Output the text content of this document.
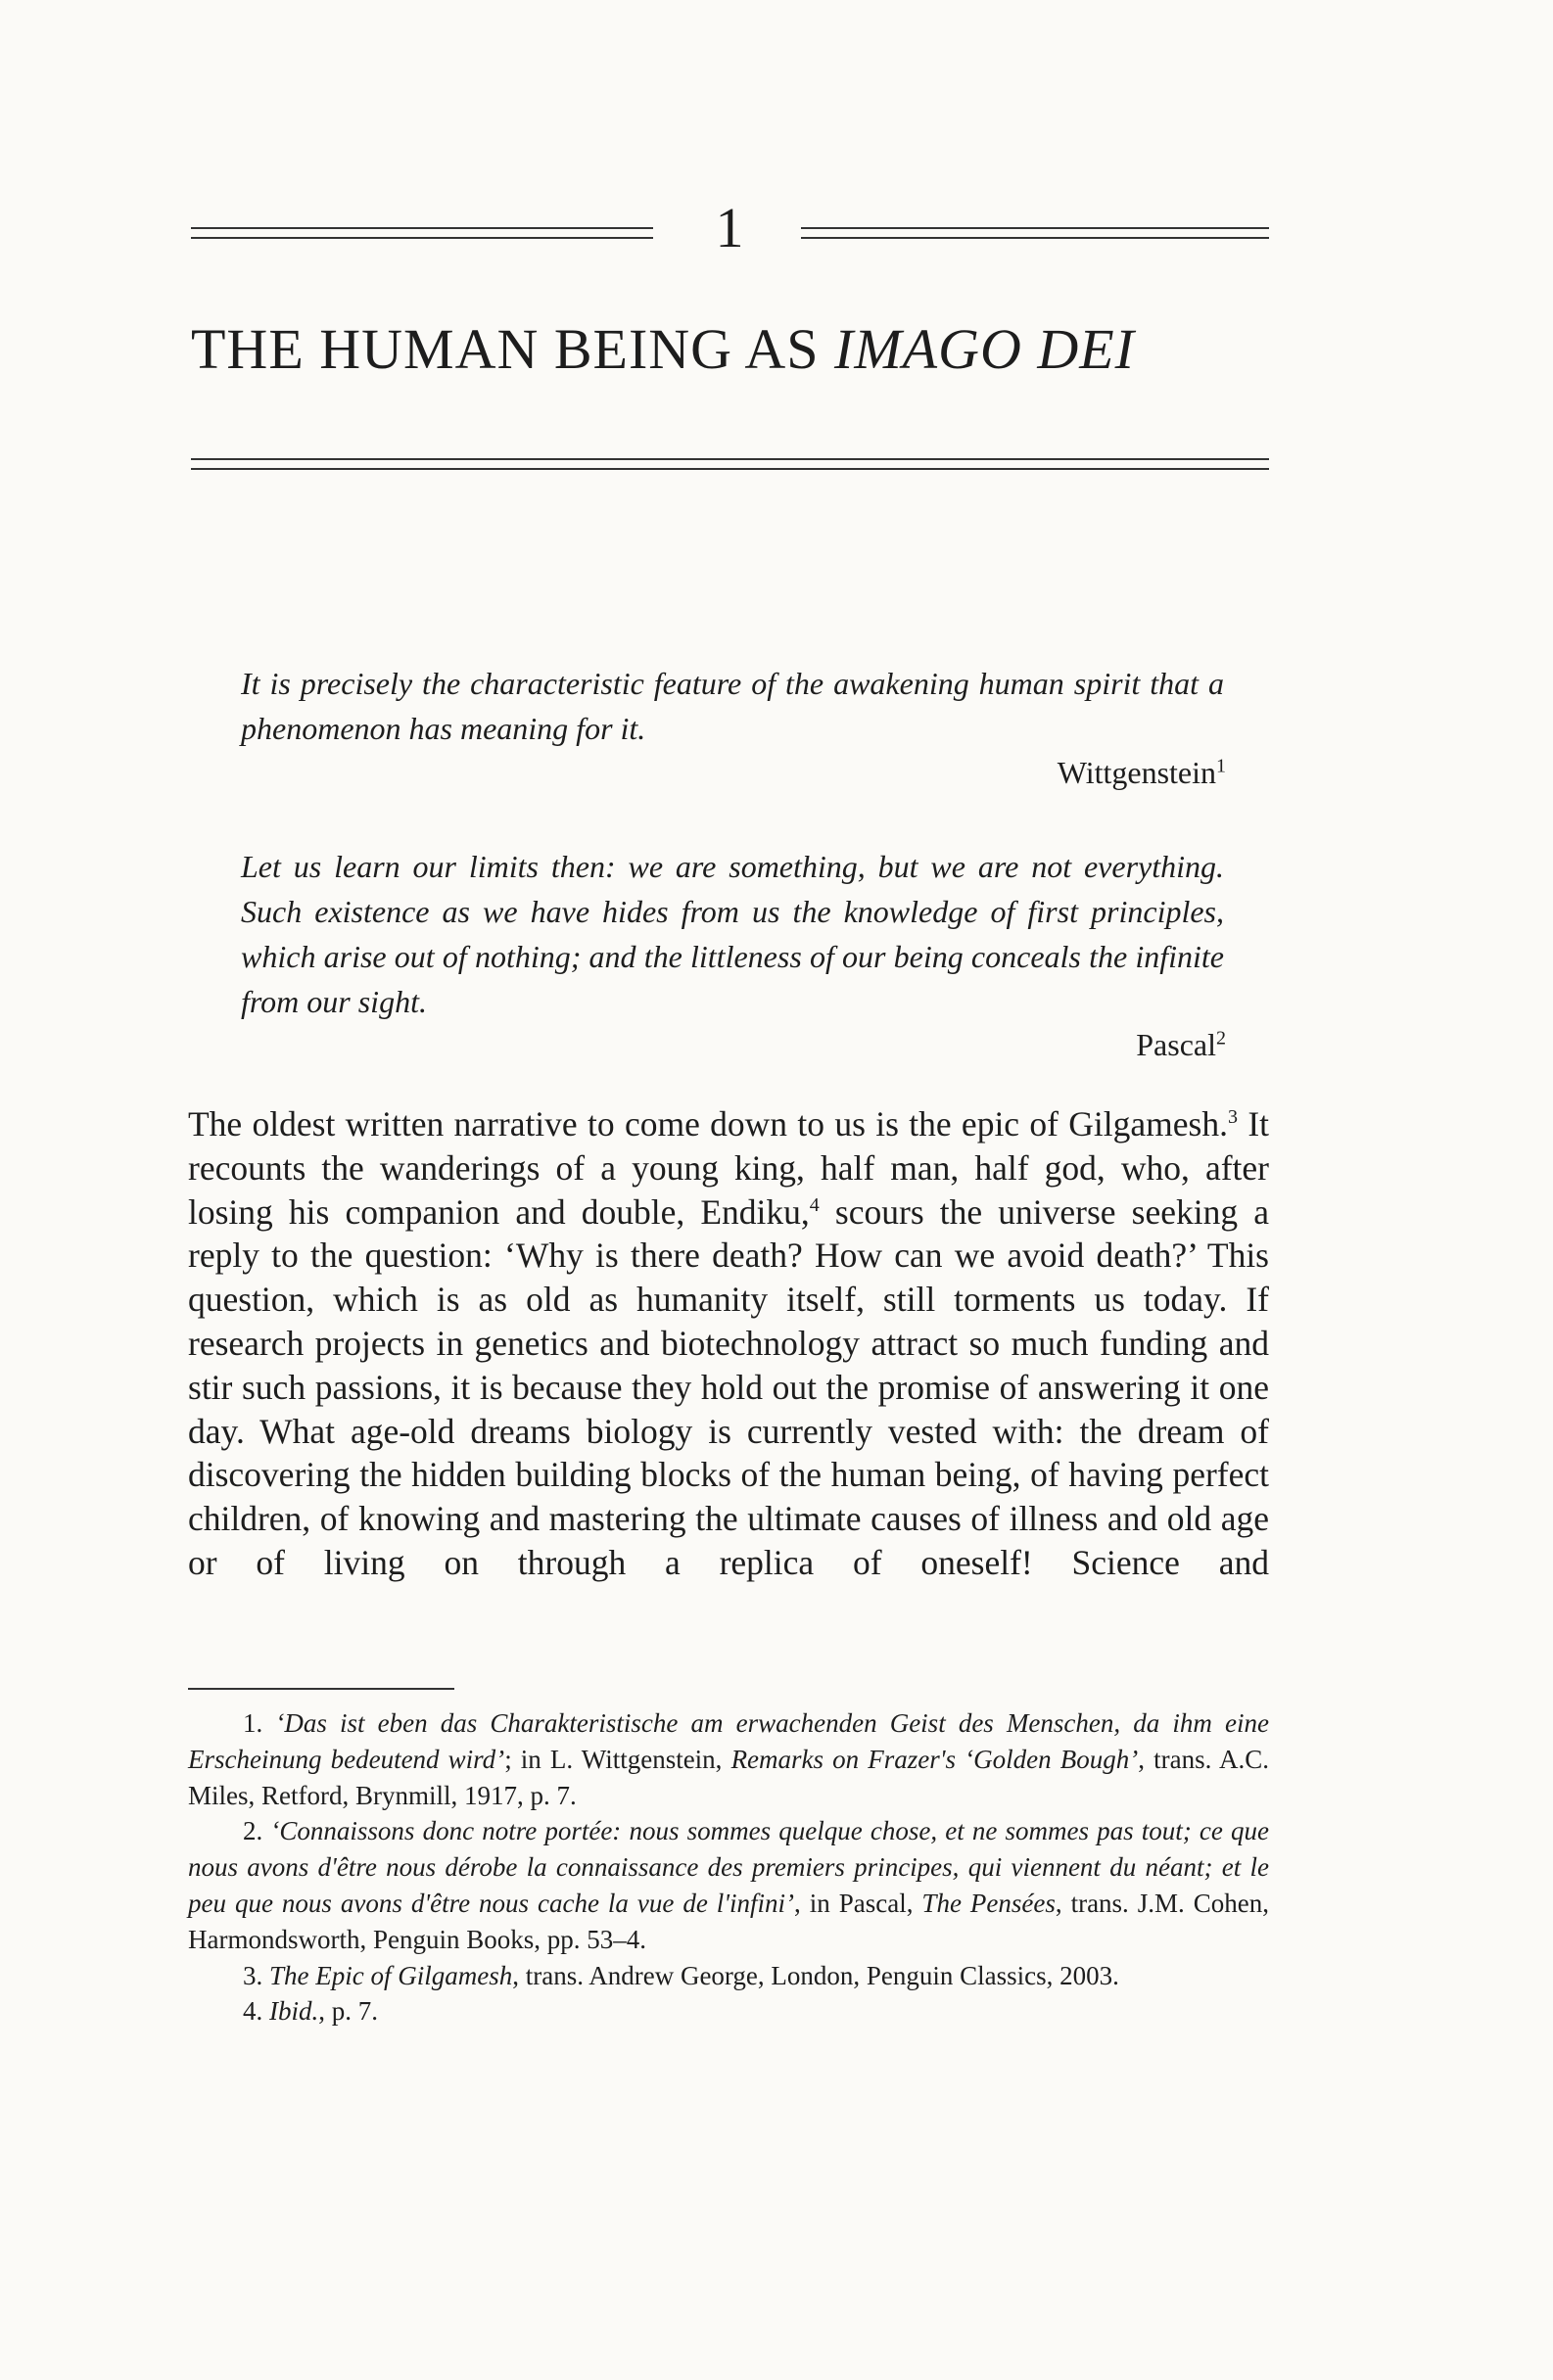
1
THE HUMAN BEING AS IMAGO DEI
It is precisely the characteristic feature of the awakening human spirit that a phenomenon has meaning for it.
Wittgenstein$^1$
Let us learn our limits then: we are something, but we are not everything. Such existence as we have hides from us the knowledge of first principles, which arise out of nothing; and the littleness of our being conceals the infinite from our sight.
Pascal$^2$

The oldest written narrative to come down to us is the epic of Gilgamesh.$^3$ It recounts the wanderings of a young king, half man, half god, who, after losing his companion and double, Endiku,$^4$ scours the universe seeking a reply to the question: ‘Why is there death? How can we avoid death?’ This question, which is as old as humanity itself, still torments us today. If research projects in genetics and biotechnology attract so much funding and stir such passions, it is because they hold out the promise of answering it one day. What age-old dreams biology is currently vested with: the dream of discovering the hidden building blocks of the human being, of having perfect children, of knowing and mastering the ultimate causes of illness and old age or of living on through a replica of oneself! Science and

1. ‘Das ist eben das Charakteristische am erwachenden Geist des Menschen, da ihm eine Erscheinung bedeutend wird’; in L. Wittgenstein, Remarks on Frazer's ‘Golden Bough’, trans. A.C. Miles, Retford, Brynmill, 1917, p. 7.

2. ‘Connaissons donc notre portée: nous sommes quelque chose, et ne sommes pas tout; ce que nous avons d'être nous dérobe la connaissance des premiers principes, qui viennent du néant; et le peu que nous avons d'être nous cache la vue de l'infini’, in Pascal, The Pensées, trans. J.M. Cohen, Harmondsworth, Penguin Books, pp. 53–4.

3. The Epic of Gilgamesh, trans. Andrew George, London, Penguin Classics, 2003.

4. Ibid., p. 7.
